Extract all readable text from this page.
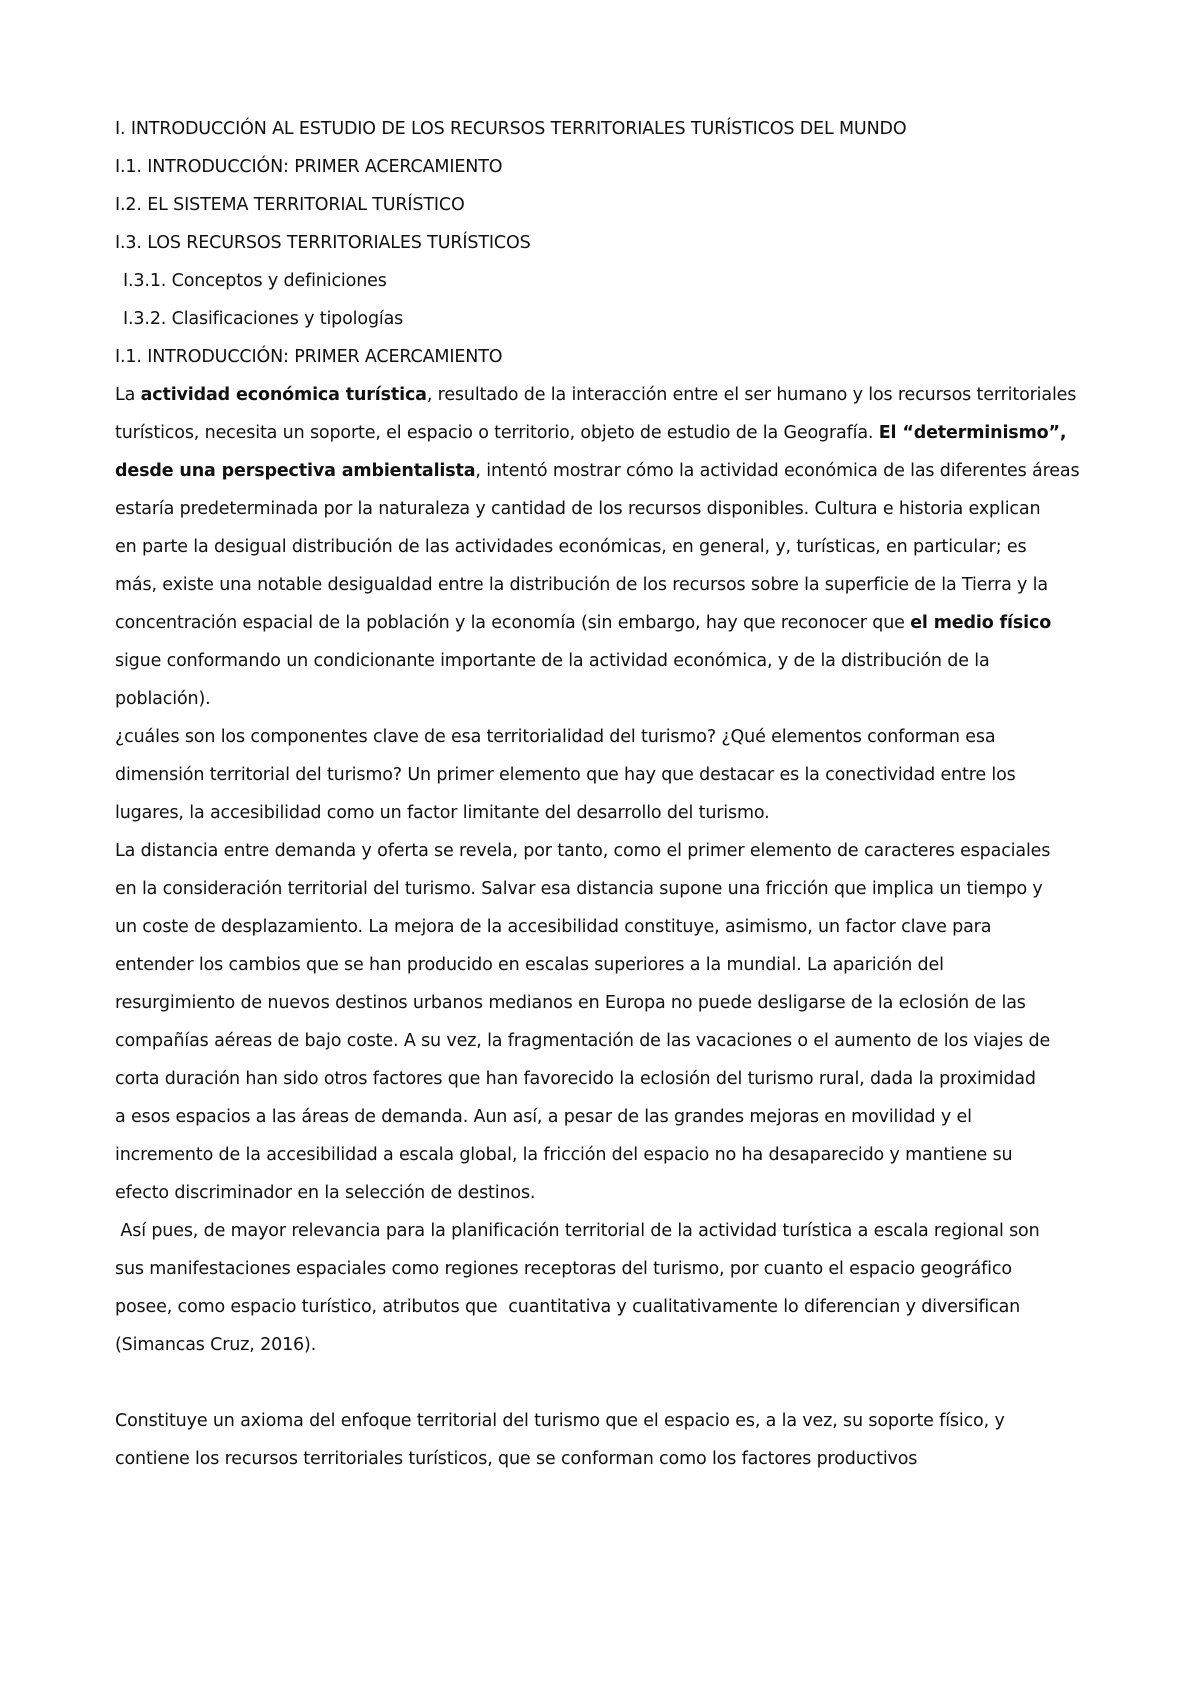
I. INTRODUCCIÓN AL ESTUDIO DE LOS RECURSOS TERRITORIALES TURÍSTICOS DEL MUNDO
I.1. INTRODUCCIÓN: PRIMER ACERCAMIENTO
I.2. EL SISTEMA TERRITORIAL TURÍSTICO
I.3. LOS RECURSOS TERRITORIALES TURÍSTICOS
I.3.1. Conceptos y definiciones
I.3.2. Clasificaciones y tipologías
I.1. INTRODUCCIÓN: PRIMER ACERCAMIENTO
La actividad económica turística, resultado de la interacción entre el ser humano y los recursos territoriales
turísticos, necesita un soporte, el espacio o territorio, objeto de estudio de la Geografía. El “determinismo”,
desde una perspectiva ambientalista, intentó mostrar cómo la actividad económica de las diferentes áreas
estaría predeterminada por la naturaleza y cantidad de los recursos disponibles. Cultura e historia explican
en parte la desigual distribución de las actividades económicas, en general, y, turísticas, en particular; es
más, existe una notable desigualdad entre la distribución de los recursos sobre la superficie de la Tierra y la
concentración espacial de la población y la economía (sin embargo, hay que reconocer que el medio físico
sigue conformando un condicionante importante de la actividad económica, y de la distribución de la
población).
¿cuáles son los componentes clave de esa territorialidad del turismo? ¿Qué elementos conforman esa
dimensión territorial del turismo? Un primer elemento que hay que destacar es la conectividad entre los
lugares, la accesibilidad como un factor limitante del desarrollo del turismo.
La distancia entre demanda y oferta se revela, por tanto, como el primer elemento de caracteres espaciales
en la consideración territorial del turismo. Salvar esa distancia supone una fricción que implica un tiempo y
un coste de desplazamiento. La mejora de la accesibilidad constituye, asimismo, un factor clave para
entender los cambios que se han producido en escalas superiores a la mundial. La aparición del
resurgimiento de nuevos destinos urbanos medianos en Europa no puede desligarse de la eclosión de las
compañías aéreas de bajo coste. A su vez, la fragmentación de las vacaciones o el aumento de los viajes de
corta duración han sido otros factores que han favorecido la eclosión del turismo rural, dada la proximidad
a esos espacios a las áreas de demanda. Aun así, a pesar de las grandes mejoras en movilidad y el
incremento de la accesibilidad a escala global, la fricción del espacio no ha desaparecido y mantiene su
efecto discriminador en la selección de destinos.
Así pues, de mayor relevancia para la planificación territorial de la actividad turística a escala regional son
sus manifestaciones espaciales como regiones receptoras del turismo, por cuanto el espacio geográfico
posee, como espacio turístico, atributos que  cuantitativa y cualitativamente lo diferencian y diversifican
(Simancas Cruz, 2016).
Constituye un axioma del enfoque territorial del turismo que el espacio es, a la vez, su soporte físico, y
contiene los recursos territoriales turísticos, que se conforman como los factores productivos
